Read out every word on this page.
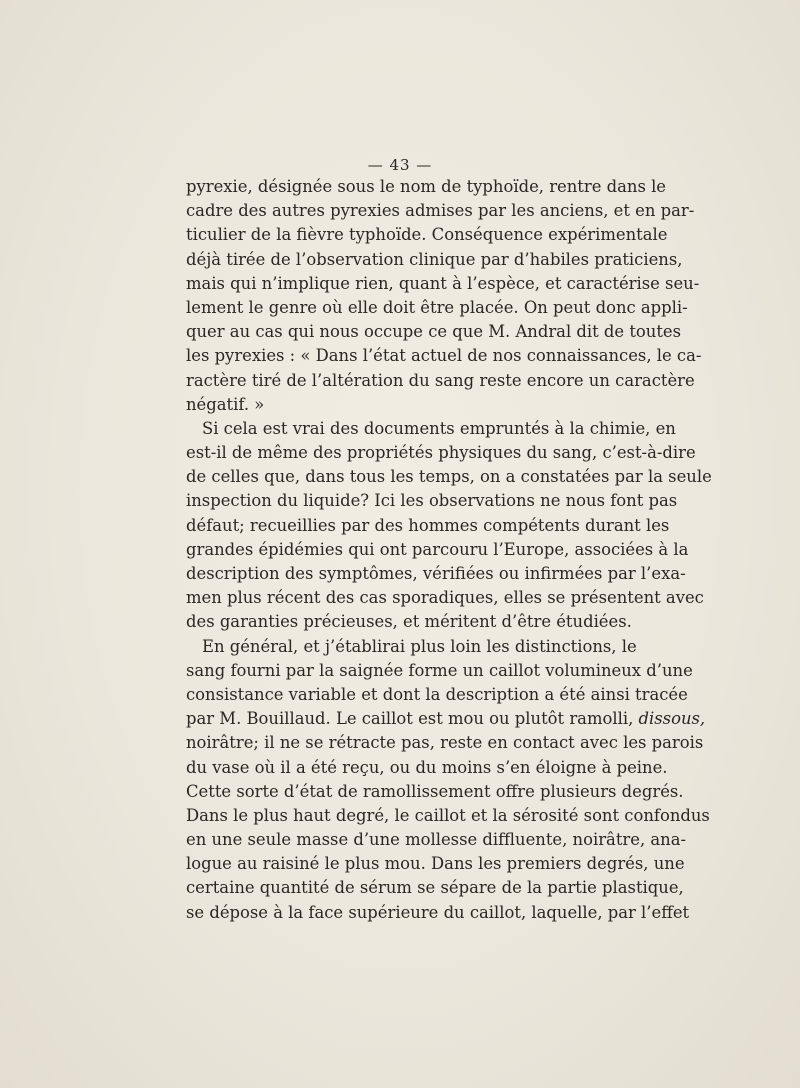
— 43 —
pyrexie, désignée sous le nom de typhoïde, rentre dans le
cadre des autres pyrexies admises par les anciens, et en par-
ticulier de la fièvre typhoïde. Conséquence expérimentale
déjà tirée de l’observation clinique par d’habiles praticiens,
mais qui n’implique rien, quant à l’espèce, et caractérise seu-
lement le genre où elle doit être placée. On peut donc appli-
quer au cas qui nous occupe ce que M. Andral dit de toutes
les pyrexies : « Dans l’état actuel de nos connaissances, le ca-
ractère tiré de l’altération du sang reste encore un caractère
négatif. »
Si cela est vrai des documents empruntés à la chimie, en
est-il de même des propriétés physiques du sang, c’est-à-dire
de celles que, dans tous les temps, on a constatées par la seule
inspection du liquide? Ici les observations ne nous font pas
défaut; recueillies par des hommes compétents durant les
grandes épidémies qui ont parcouru l’Europe, associées à la
description des symptômes, vérifiées ou infirmées par l’exa-
men plus récent des cas sporadiques, elles se présentent avec
des garanties précieuses, et méritent d’être étudiées.
En général, et j’établirai plus loin les distinctions, le
sang fourni par la saignée forme un caillot volumineux d’une
consistance variable et dont la description a été ainsi tracée
par M. Bouillaud. Le caillot est mou ou plutôt ramolli, dissous,
noirâtre; il ne se rétracte pas, reste en contact avec les parois
du vase où il a été reçu, ou du moins s’en éloigne à peine.
Cette sorte d’état de ramollissement offre plusieurs degrés.
Dans le plus haut degré, le caillot et la sérosité sont confondus
en une seule masse d’une mollesse diffluente, noirâtre, ana-
logue au raisiné le plus mou. Dans les premiers degrés, une
certaine quantité de sérum se sépare de la partie plastique,
se dépose à la face supérieure du caillot, laquelle, par l’effet
